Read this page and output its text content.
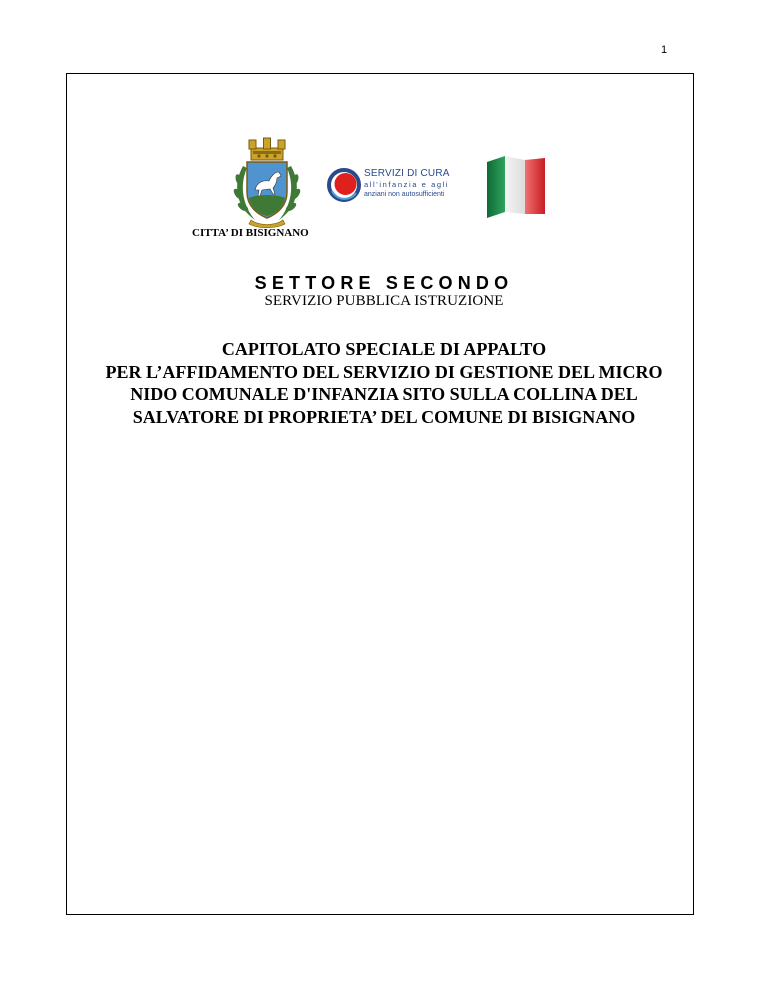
1
SERVIZI DI CURA
all'infanzia e agli
anziani non autosufficienti
CITTA’ DI BISIGNANO
SETTORE SECONDO
SERVIZIO PUBBLICA ISTRUZIONE
CAPITOLATO SPECIALE DI APPALTO
PER L’AFFIDAMENTO DEL SERVIZIO DI GESTIONE DEL MICRO
NIDO COMUNALE D'INFANZIA SITO SULLA COLLINA DEL
SALVATORE DI PROPRIETA’ DEL COMUNE DI BISIGNANO
